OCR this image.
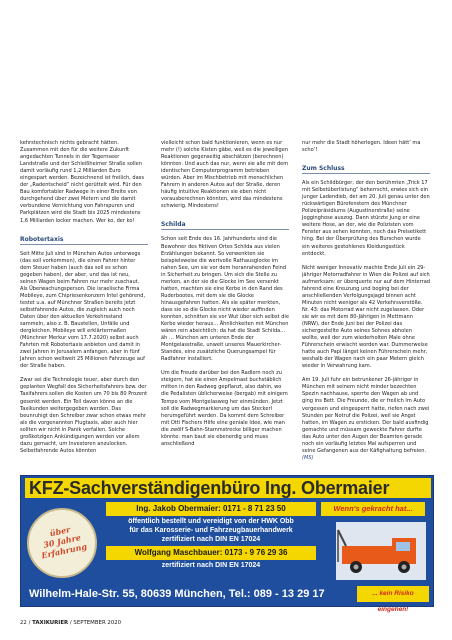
kehrstechnisch nichts gebracht hätten. Zusammen mit den für die weitere Zukunft angedachten Tunnels in der Tegernseer Landstraße und der Schleißheimer Straße sollen damit vorläufig rund 1,2 Milliarden Euro eingespart werden. Bezeichnend ist freilich, dass der „Radentscheid“ nicht gerüttelt wird. Für den Bau komfortabler Radwege in einer Breite von durchgehend über zwei Metern und die damit verbundene Vernichtung von Fahrspuren und Parkplätzen wird die Stadt bis 2025 mindestens 1,6 Milliarden locker machen. Wer ko, der ko!

Robotertaxis

Seit Mitte Juli sind in München Autos unterwegs (das soll vorkommen), die einen Fahrer hinter dem Steuer haben (auch das soll es schon gegeben haben), der aber, und das ist neu, seinen Wagen beim Fahren nur mehr zuschaut. Als Überwachungsperson. Die israelische Firma Mobileye, zum Chipriesenkonzern Intel gehörend, testet u.a. auf Münchner Straßen bereits jetzt selbstfahrende Autos, die zugleich auch noch Daten über den aktuellen Verkehrsstand sammeln, also z. B. Baustellen, Unfälle und dergleichen. Mobileye will erklärtermaßen (Münchner Merkur vom 17.7.2020) selbst auch Fahrten mit Robotertaxis anbieten und damit in zwei Jahren in Jerusalem anfangen, aber in fünf Jahren schon weltweit 25 Millionen Fahrzeuge auf der Straße haben.

Zwar sei die Technologie teuer, aber durch den geplanten Wegfall des Sicherheitsfahrers bzw. der Taxifahrers sollen die Kosten um 70 bis 80 Prozent gesenkt werden. Ein Teil davon könne an die Taxikunden weitergegeben werden. Das beunruhigt den Schreiber zwar schon etwas mehr als die vorgenannten Flugtaxis, aber auch hier sollten wir nicht in Panik verfallen. Solche großkotzigen Ankündigungen werden vor allem dazu gemacht, um Investoren anzulocken. Selbstfahrende Autos könnten

vielleicht schon bald funktionieren, wenn es nur mehr (!) solche Kisten gäbe, weil es die jeweiligen Reaktionen gegenseitig abschätzen (berechnen) könnten. Und auch das nur, wenn sie alle mit dem identischen Computerprogramm betrieben würden. Aber im Mischbetrieb mit menschlichen Fahrern in anderen Autos auf der Straße, deren häufig intuitive Reaktionen sie eben nicht vorausberechnen könnten, wird das mindestens schwierig. Mindestens!

Schilda

Schon seit Ende des 16. Jahrhunderts sind die Bewohner des fiktiven Ortes Schilda aus vielen Erzählungen bekannt. So verwenkten sie beispielsweise die wertvolle Rathausglocke im nahen See, um sie vor dem heranrahenden Feind in Sicherheit zu bringen. Um sich die Stelle zu merken, an der sie die Glocke im See versenkt hatten, machten sie eine Kerbe in den Rand des Ruderbootes, mit dem sie die Glocke hinausgefahren hatten. Als sie später merkten, dass sie so die Glocke nicht wieder auffinden konnten, schnitten sie vor Wut über sich selbst die Kerbe wieder heraus… Ähnlichkeiten mit München wären rein absichtlich: da hat die Stadt Schilda… äh … München am unteren Ende der Montgelasstraße, unweit unseres Mauerkircher-Standes, eine zusätzliche Querungsampel für Radfahrer installiert.

Um die Freude darüber bei den Radlern noch zu steigern, hat sie einen Ampelmast buchstäblich mitten in den Radweg gepflanzt, also dahin, wo die Pedalisten üblicherweise (bergab) mit einigem Tempo vom Montgelasweg her einmünden. Jetzt soll die Radwegmarkierung um das Steckerl herumgeführt werden. Da kommt dem Schreiber mit Otti Fischers Hilfe eine geniale Idee, wie man die zwölf S-Bahn-Stammstrecke billiger machen könnte: man baut sie ebenerdig und muss anschließend

nur mehr die Stadt höherlegen. Ideen hätt’ ma scho’!

Zum Schluss

Als ein Schildbürger, der den berühmten „Trick 17 mit Selbstüberlistung“ beherrscht, erwies sich ein junger Ladendieb, der am 20. Juli genau unter den rückwärtigen Bürofenstern des Münchner Polizeipräsidiums (Augustinerstraße) seine Jogginghose auszog. Dann stürzte Jung er eine weitere Hose, an der, wie die Polizisten vom Fenster aus sehen konnten, noch das Preisetikett hing. Bei der Überprüfung des Burschen wurde ein weiteres gestohlenes Kleidungsstück entdeckt.

Nicht weniger Innovativ machte Ende Juli ein 29-jähriger Motorradfahrer in Wien die Polizei auf sich aufmerksam: er überquerte nur auf dem Hinterrad fahrend eine Kreuzung und boging bei der anschließenden Verfolgungsjagd binnen acht Minuten nicht weniger als 42 Verkehrsverstöße. Nr. 43: das Motorrad war nicht zugelassen. Oder sie wir es mit dem 80-Jährigen in Mettmann (NRW), der Ende Juni bei der Polizei das sichergestellte Auto seines Sohnes abholen wollte, weil der zum wiederholten Male ohne Führerschein erwischt worden war. Dummerweise hatte auch Papi längst keinen Führerschein mehr, weshalb der Wagen nach ein paar Metern gleich wieder in Verwahrung kam.

Am 19. Juli fuhr ein betrunkener 26-jähriger in München mit seinem nicht minder bezechten Spezin nachhause, sperrte den Wagen ab und ging ins Bett. Die Freunde, die er freilich im Auto vergessen und eingesperrt hatte, riefen nach zwei Stunden per Notruf die Polizei, weil sie Angst hatten, im Wagen zu ersticken. Der bald ausfindig gemachte und müssam geweckte Fahrer durfte das Auto unter den Augen der Beamten gerade noch ein vorläufig letztes Mal aufsperren und seine Gefangenen aus der Käfighaltung befreien. (MS)

KFZ-Sachverständigenbüro Ing. Obermaier
über
30 Jahre
Erfahrung
Ing. Jakob Obermaier: 0171 - 8 71 23 50
öffentlich bestellt und vereidigt von der HWK Obb
für das Karosserie- und Fahrzeugbauerhandwerk
zertifiziert nach DIN EN 17024
Wolfgang Maschbauer: 0173 - 9 76 29 36
zertifiziert nach DIN EN 17024
Wenn's gekracht hat...
Wilhelm-Hale-Str. 55, 80639 München, Tel.: 089 - 13 29 17	... kein Risiko eingehen!
22 / TAXIKURIER / SEPTEMBER 2020
